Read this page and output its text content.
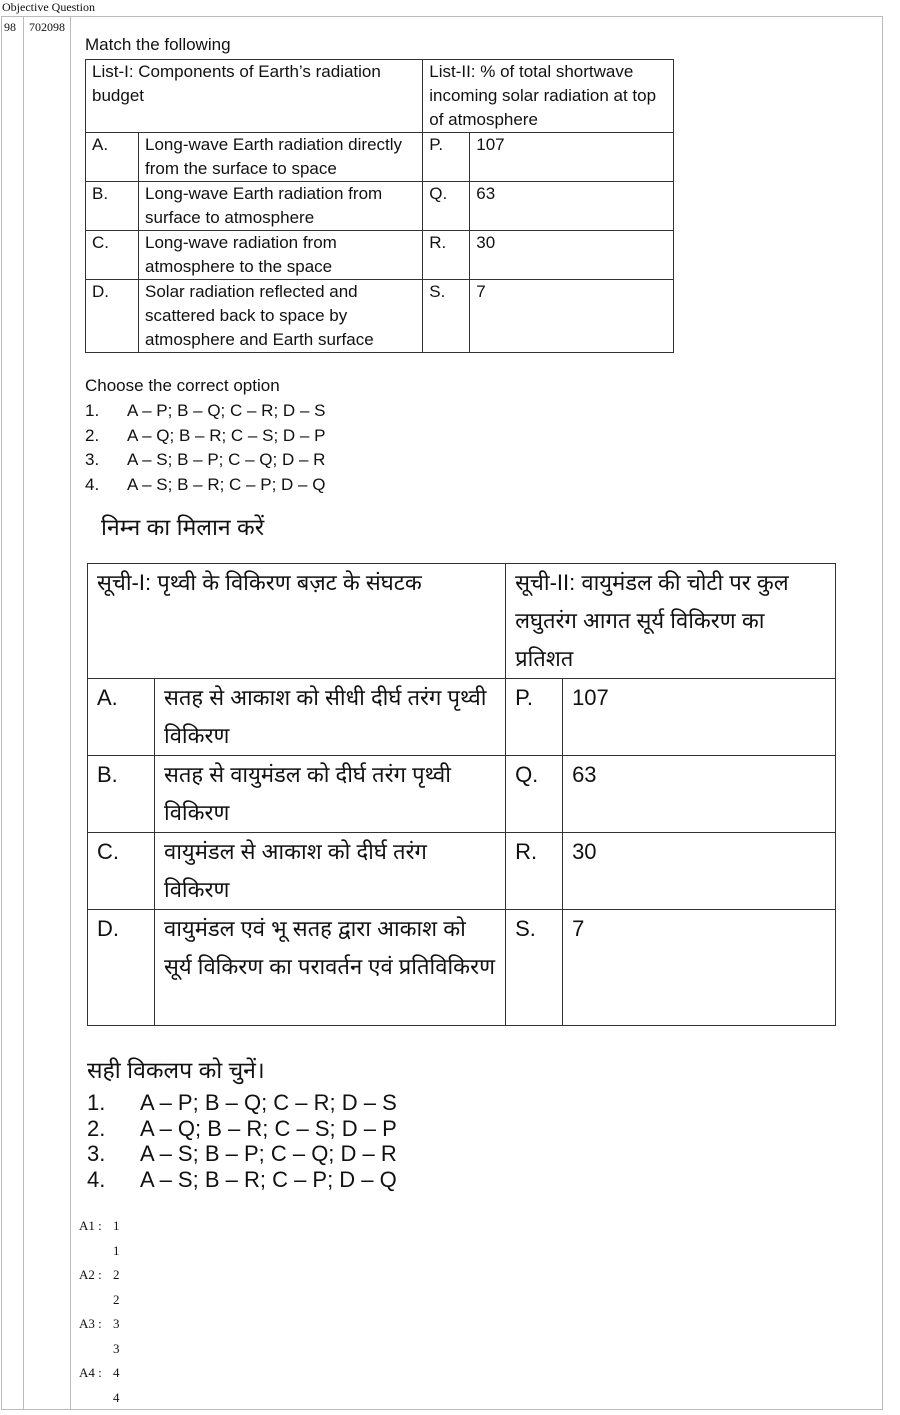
Objective Question
98 702098
Match the following
List-I: Components of Earth’s radiation budget		List-II: % of total shortwave incoming solar radiation at top of atmosphere	
A.	Long-wave Earth radiation directly from the surface to space	P.	107
B.	Long-wave Earth radiation from surface to atmosphere	Q.	63
C.	Long-wave radiation from atmosphere to the space	R.	30
D.	Solar radiation reflected and scattered back to space by atmosphere and Earth surface	S.	7
Choose the correct option
1.	A – P; B – Q; C – R; D – S
2.	A – Q; B – R; C – S; D – P
3.	A – S; B – P; C – Q; D – R
4.	A – S; B – R; C – P; D – Q
निम्न का मिलान करें
सूची-I: पृथ्वी के विकिरण बज़ट के संघटक		सूची-II: वायुमंडल की चोटी पर कुल लघुतरंग आगत सूर्य विकिरण का प्रतिशत	
A.	सतह से आकाश को सीधी दीर्घ तरंग पृथ्वी विकिरण	P.	107
B.	सतह से वायुमंडल को दीर्घ तरंग पृथ्वी विकिरण	Q.	63
C.	वायुमंडल से आकाश को दीर्घ तरंग विकिरण	R.	30
D.	वायुमंडल एवं भू सतह द्वारा आकाश को सूर्य विकिरण का परावर्तन एवं प्रतिविकिरण	S.	7
सही विकलप को चुनें।
1.	A – P; B – Q; C – R; D – S
2.	A – Q; B – R; C – S; D – P
3.	A – S; B – P; C – Q; D – R
4.	A – S; B – R; C – P; D – Q
A1 : 1
1
A2 : 2
2
A3 : 3
3
A4 : 4
4
